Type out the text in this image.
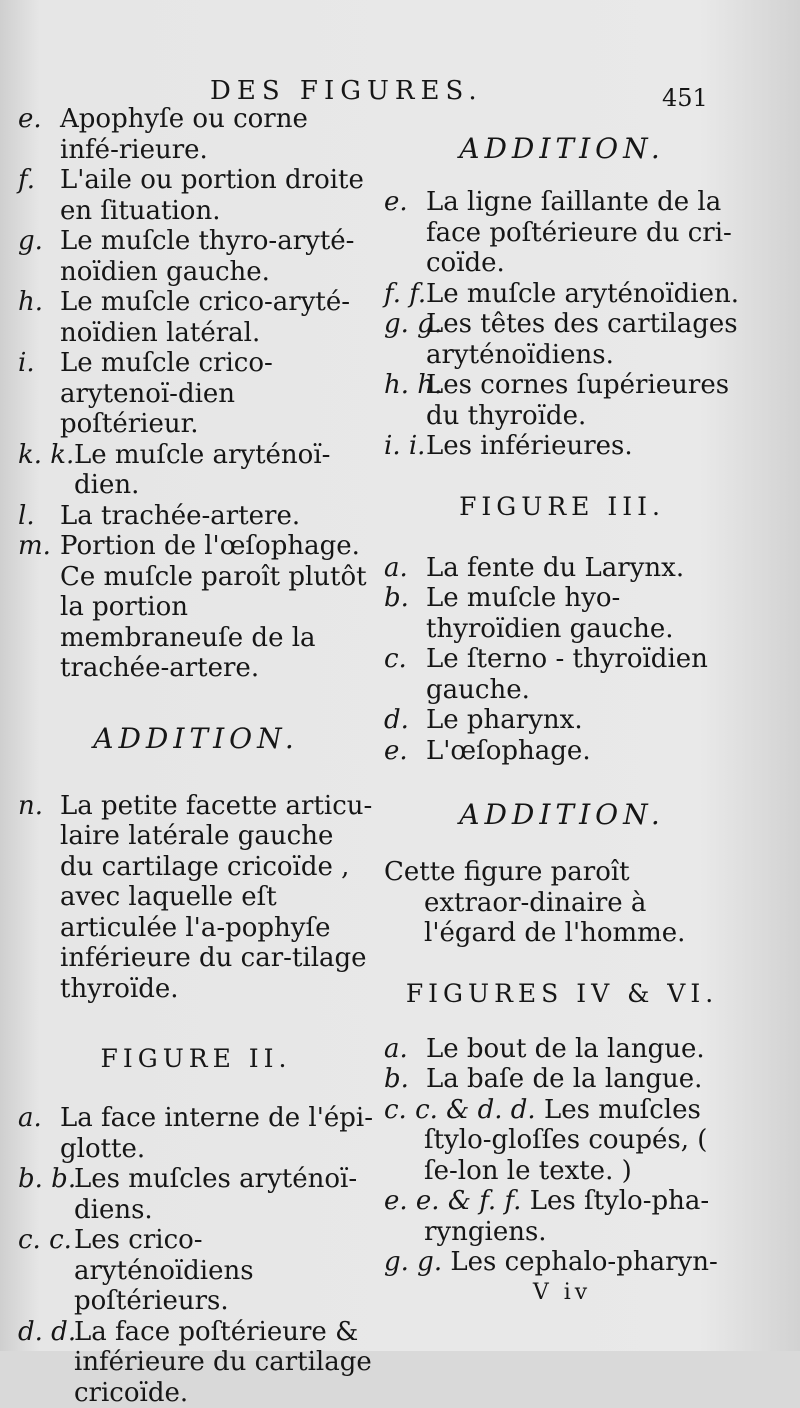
DES FIGURES.	451
e. Apophyſe ou corne infé-rieure.
f. L'aile ou portion droite en ſituation.
g. Le muſcle thyro-aryté-noïdien gauche.
h. Le muſcle crico-aryté-noïdien latéral.
i. Le muſcle crico-arytenoï-dien poſtérieur.
k. k. Le muſcle aryténoï-dien.
l. La trachée-artere.
m. Portion de l'œſophage. Ce muſcle paroît plutôt la portion membraneuſe de la trachée-artere.
ADDITION.
n. La petite facette articu-laire latérale gauche du cartilage cricoïde , avec laquelle eſt articulée l'a-pophyſe inférieure du car-tilage thyroïde.
FIGURE II.
a. La face interne de l'épi-glotte.
b. b.
Les muſcles aryténoï-diens.
c. c. Les crico-aryténoïdiens poſtérieurs.
d. d.
La face poſtérieure & inférieure du cartilage cricoïde.
ADDITION.
e. La ligne ſaillante de la face poſtérieure du cri-coïde.
f. f. Le muſcle aryténoïdien.
g. g.
Les têtes des cartilages aryténoïdiens.
h. h.
Les cornes ſupérieures du thyroïde.
i. i. Les inférieures.
FIGURE III.
a. La fente du Larynx.
b. Le muſcle hyo-thyroïdien gauche.
c. Le ſterno - thyroïdien gauche.
d. Le pharynx.
e. L'œſophage.
ADDITION.
Cette figure paroît extraor-dinaire à l'égard de l'homme.
FIGURES IV & VI.
a. Le bout de la langue.
b. La baſe de la langue.
c. c. & d. d. Les muſcles ſtylo-gloſſes coupés, ( ſe-lon le texte. )
e. e. & f. f. Les ſtylo-pha-ryngiens.
g. g. Les cephalo-pharyn-
V iv
